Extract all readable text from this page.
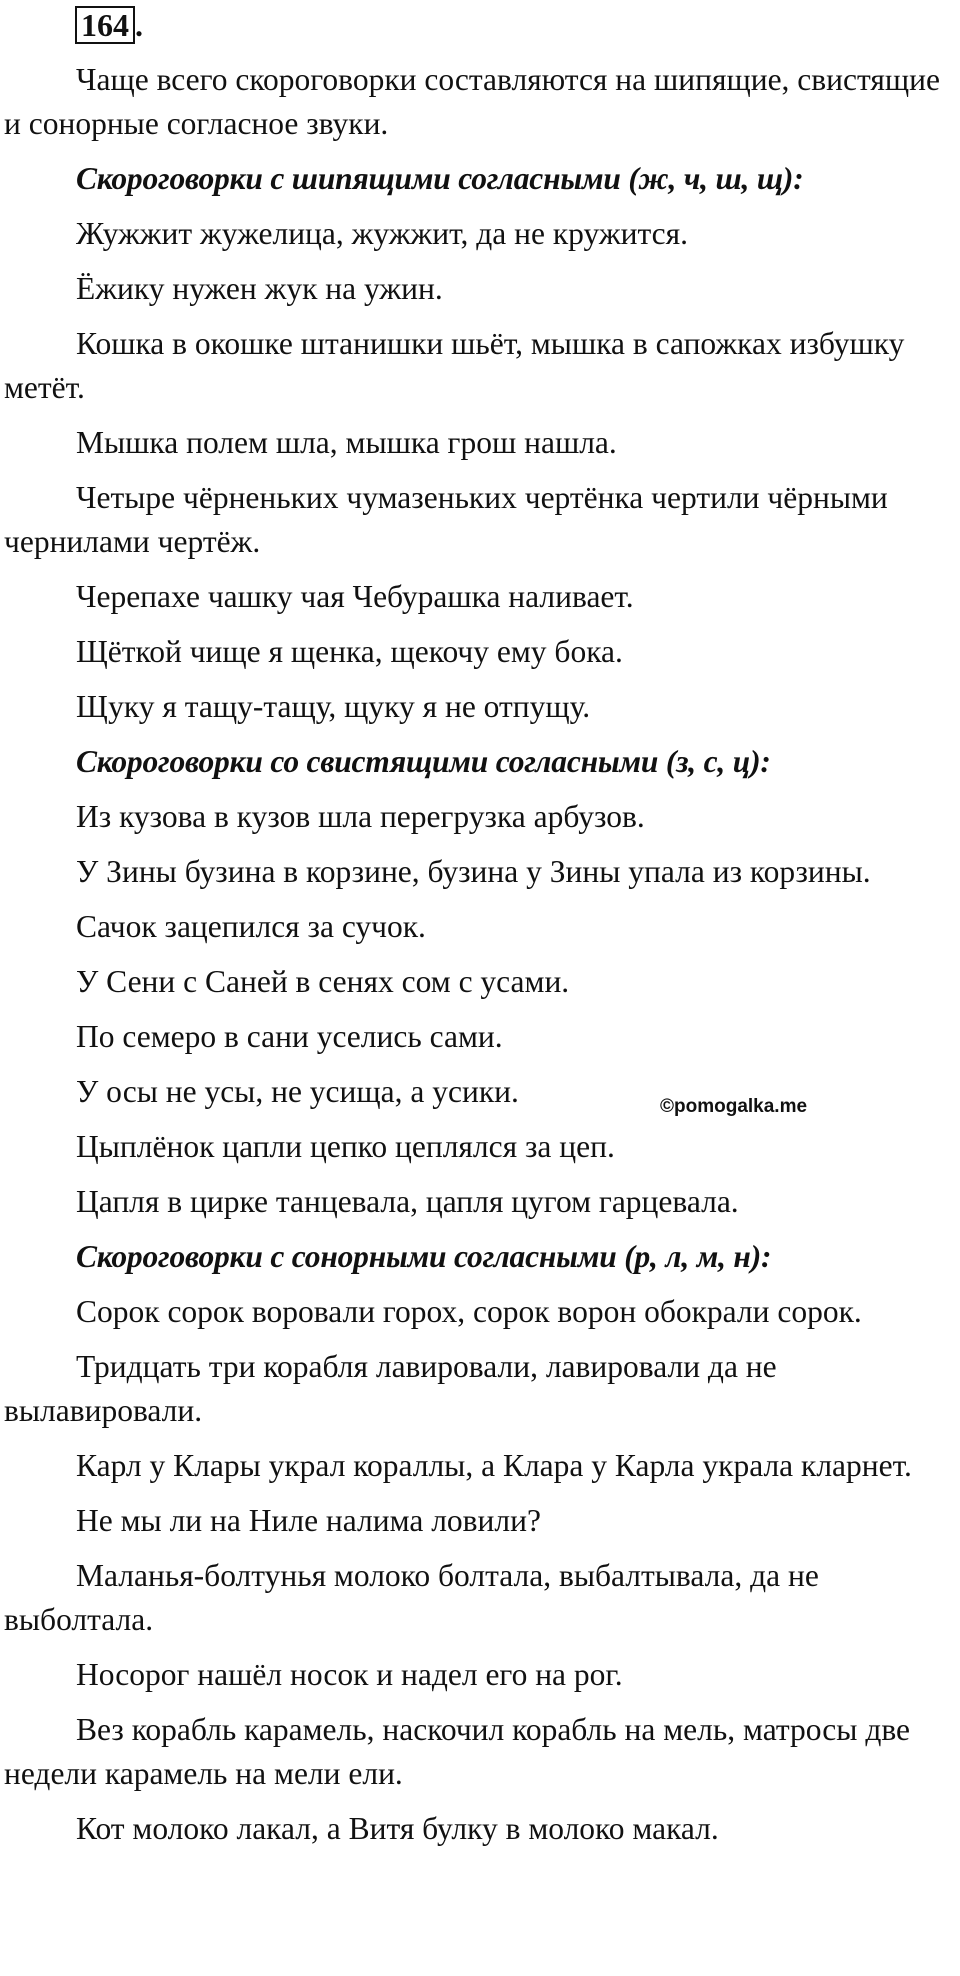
164 .

Чаще всего скороговорки составляются на шипящие, свистящие и сонорные согласное звуки.

Скороговорки с шипящими согласными (ж, ч, ш, щ):

Жужжит жужелица, жужжит, да не кружится.

Ёжику нужен жук на ужин.

Кошка в окошке штанишки шьёт, мышка в сапожках избушку метёт.

Мышка полем шла, мышка грош нашла.

Четыре чёрненьких чумазеньких чертёнка чертили чёрными чернилами чертёж.

Черепахе чашку чая Чебурашка наливает.

Щёткой чище я щенка, щекочу ему бока.

Щуку я тащу-тащу, щуку я не отпущу.

Скороговорки со свистящими согласными (з, с, ц):

Из кузова в кузов шла перегрузка арбузов.

У Зины бузина в корзине, бузина у Зины упала из корзины.

Сачок зацепился за сучок.

У Сени с Саней в сенях сом с усами.

По семеро в сани уселись сами.

У осы не усы, не усища, а усики.

Цыплёнок цапли цепко цеплялся за цеп.

Цапля в цирке танцевала, цапля цугом гарцевала.

Скороговорки с сонорными согласными (р, л, м, н):

Сорок сорок воровали горох, сорок ворон обокрали сорок.

Тридцать три корабля лавировали, лавировали да не вылавировали.

Карл у Клары украл кораллы, а Клара у Карла украла кларнет.

Не мы ли на Ниле налима ловили?

Маланья-болтунья молоко болтала, выбалтывала, да не выболтала.

Носорог нашёл носок и надел его на рог.

Вез корабль карамель, наскочил корабль на мель, матросы две недели карамель на мели ели.

Кот молоко лакал, а Витя булку в молоко макал.

©pomogalka.me
